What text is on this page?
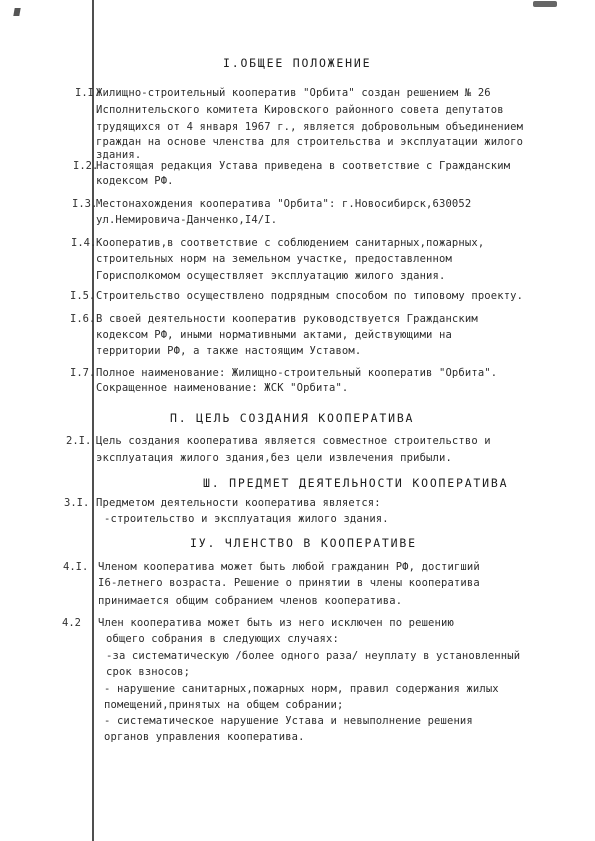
I.ОБЩЕЕ ПОЛОЖЕНИЕ
I.I.
Жилищно-строительный кооператив "Орбита" создан решением № 26
Исполнительского комитета Кировского районного совета депутатов
трудящихся от 4 января 1967 г., является добровольным объединением
граждан на основе членства для строительства и эксплуатации жилого
здания.
I.2.
Настоящая редакция Устава приведена в соответствие с Гражданским
кодексом РФ.
I.3.
Местонахождения кооператива "Орбита": г.Новосибирск,630052
ул.Немировича-Данченко,I4/I.
I.4. Кооператив,в соответствие с соблюдением санитарных,пожарных,
строительных норм на земельном участке, предоставленном
Горисполкомом осуществляет эксплуатацию жилого здания.
I.5. Строительство осуществлено подрядным способом по типовому проекту.
I.6. В своей деятельности кооператив руководствуется Гражданским
кодексом РФ, иными нормативными актами, действующими на
территории РФ, а также настоящим Уставом.
I.7. Полное наименование: Жилищно-строительный кооператив "Орбита".
Сокращенное наименование: ЖСК "Орбита".
П. ЦЕЛЬ СОЗДАНИЯ КООПЕРАТИВА
2.I. Цель создания кооператива является совместное строительство и
эксплуатация жилого здания,без цели извлечения прибыли.
Ш. ПРЕДМЕТ ДЕЯТЕЛЬНОСТИ КООПЕРАТИВА
3.I. Предметом деятельности кооператива является:
-строительство и эксплуатация жилого здания.
IУ. ЧЛЕНСТВО В КООПЕРАТИВЕ
4.I. Членом кооператива может быть любой гражданин РФ, достигший
I6-летнего возраста. Решение о принятии в члены кооператива
принимается общим собранием членов кооператива.
4.2 Член кооператива может быть из него исключен по решению
общего собрания в следующих случаях:
-за систематическую /более одного раза/ неуплату в установленный
срок взносов;
- нарушение санитарных,пожарных норм, правил содержания жилых
помещений,принятых на общем собрании;
- систематическое нарушение Устава и невыполнение решения
органов управления кооператива.
